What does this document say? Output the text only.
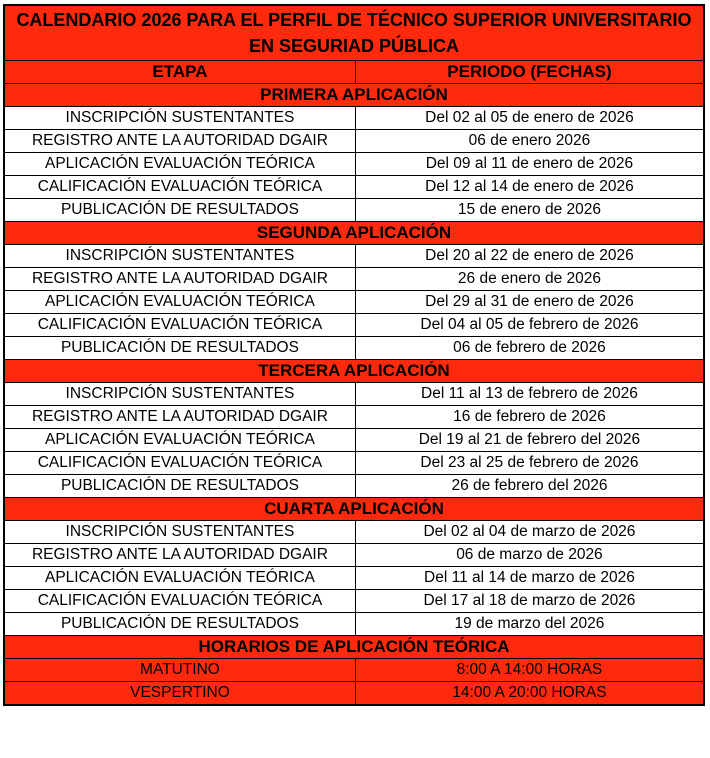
CALENDARIO 2026 PARA EL PERFIL DE TÉCNICO SUPERIOR UNIVERSITARIO EN SEGURIAD PÚBLICA	
ETAPA	PERIODO (FECHAS)
PRIMERA APLICACIÓN	
INSCRIPCIÓN SUSTENTANTES	Del 02 al 05 de enero de 2026
REGISTRO ANTE LA AUTORIDAD DGAIR	06 de enero 2026
APLICACIÓN EVALUACIÓN TEÓRICA	Del 09 al 11 de enero de 2026
CALIFICACIÓN EVALUACIÓN TEÓRICA	Del 12 al 14 de enero de 2026
PUBLICACIÓN DE RESULTADOS	15 de enero de 2026
SEGUNDA APLICACIÓN	
INSCRIPCIÓN SUSTENTANTES	Del 20 al 22 de enero de 2026
REGISTRO ANTE LA AUTORIDAD DGAIR	26 de enero de 2026
APLICACIÓN EVALUACIÓN TEÓRICA	Del 29 al 31 de enero de 2026
CALIFICACIÓN EVALUACIÓN TEÓRICA	Del 04 al 05 de febrero de 2026
PUBLICACIÓN DE RESULTADOS	06 de febrero de 2026
TERCERA APLICACIÓN	
INSCRIPCIÓN SUSTENTANTES	Del 11 al 13 de febrero de 2026
REGISTRO ANTE LA AUTORIDAD DGAIR	16 de febrero de 2026
APLICACIÓN EVALUACIÓN TEÓRICA	Del 19 al 21 de febrero del 2026
CALIFICACIÓN EVALUACIÓN TEÓRICA	Del 23 al 25 de febrero de 2026
PUBLICACIÓN DE RESULTADOS	26 de febrero del 2026
CUARTA APLICACIÓN	
INSCRIPCIÓN SUSTENTANTES	Del 02 al 04 de marzo de 2026
REGISTRO ANTE LA AUTORIDAD DGAIR	06 de marzo de 2026
APLICACIÓN EVALUACIÓN TEÓRICA	Del 11 al 14 de marzo de 2026
CALIFICACIÓN EVALUACIÓN TEÓRICA	Del 17 al 18 de marzo de 2026
PUBLICACIÓN DE RESULTADOS	19 de marzo del 2026
HORARIOS DE APLICACIÓN TEÓRICA	
MATUTINO	8:00 A 14:00 HORAS
VESPERTINO	14:00 A 20:00 HORAS
